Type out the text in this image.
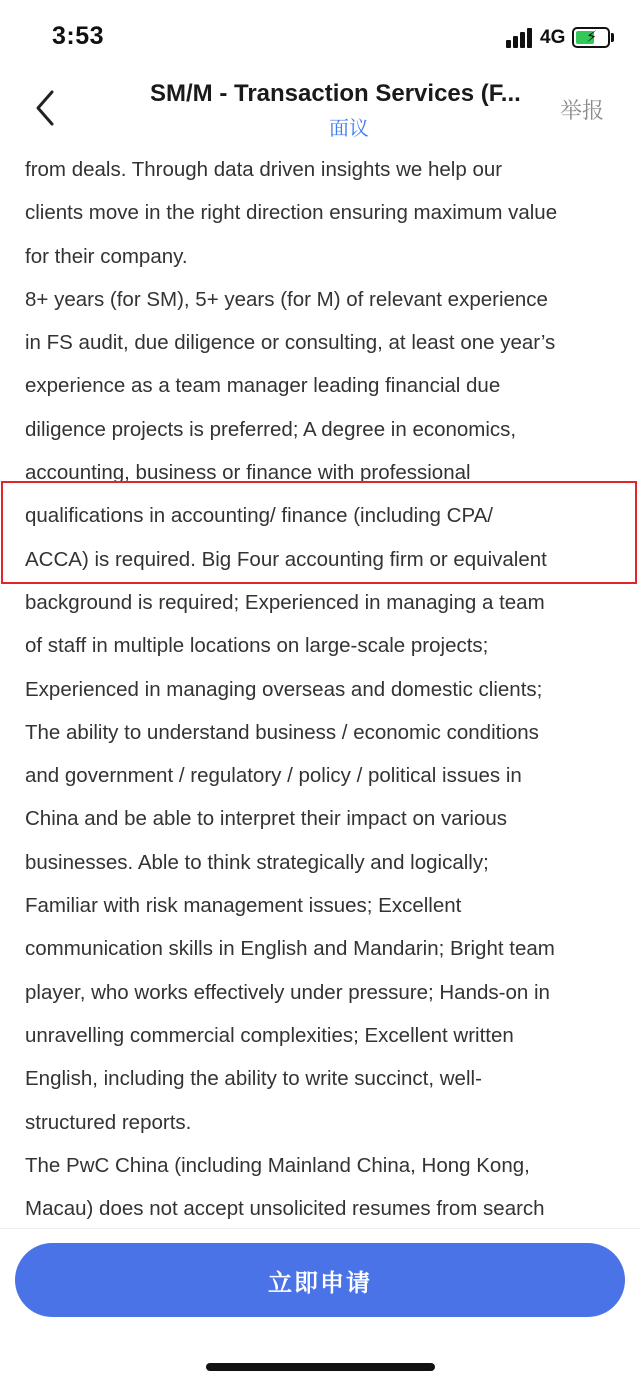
3:53	4G ⚡
SM/M - Transaction Services (F...
面议
举报
from deals. Through data driven insights we help our
clients move in the right direction ensuring maximum value
for their company.
8+ years (for SM), 5+ years (for M) of relevant experience
in FS audit, due diligence or consulting, at least one year’s
experience as a team manager leading financial due
diligence projects is preferred; A degree in economics,
accounting, business or finance with professional
qualifications in accounting/ finance (including CPA/
ACCA) is required. Big Four accounting firm or equivalent
background is required; Experienced in managing a team
of staff in multiple locations on large-scale projects;
Experienced in managing overseas and domestic clients;
The ability to understand business / economic conditions
and government / regulatory / policy / political issues in
China and be able to interpret their impact on various
businesses. Able to think strategically and logically;
Familiar with risk management issues; Excellent
communication skills in English and Mandarin; Bright team
player, who works effectively under pressure; Hands-on in
unravelling commercial complexities; Excellent written
English, including the ability to write succinct, well-
structured reports.
The PwC China (including Mainland China, Hong Kong,
Macau) does not accept unsolicited resumes from search
立即申请
